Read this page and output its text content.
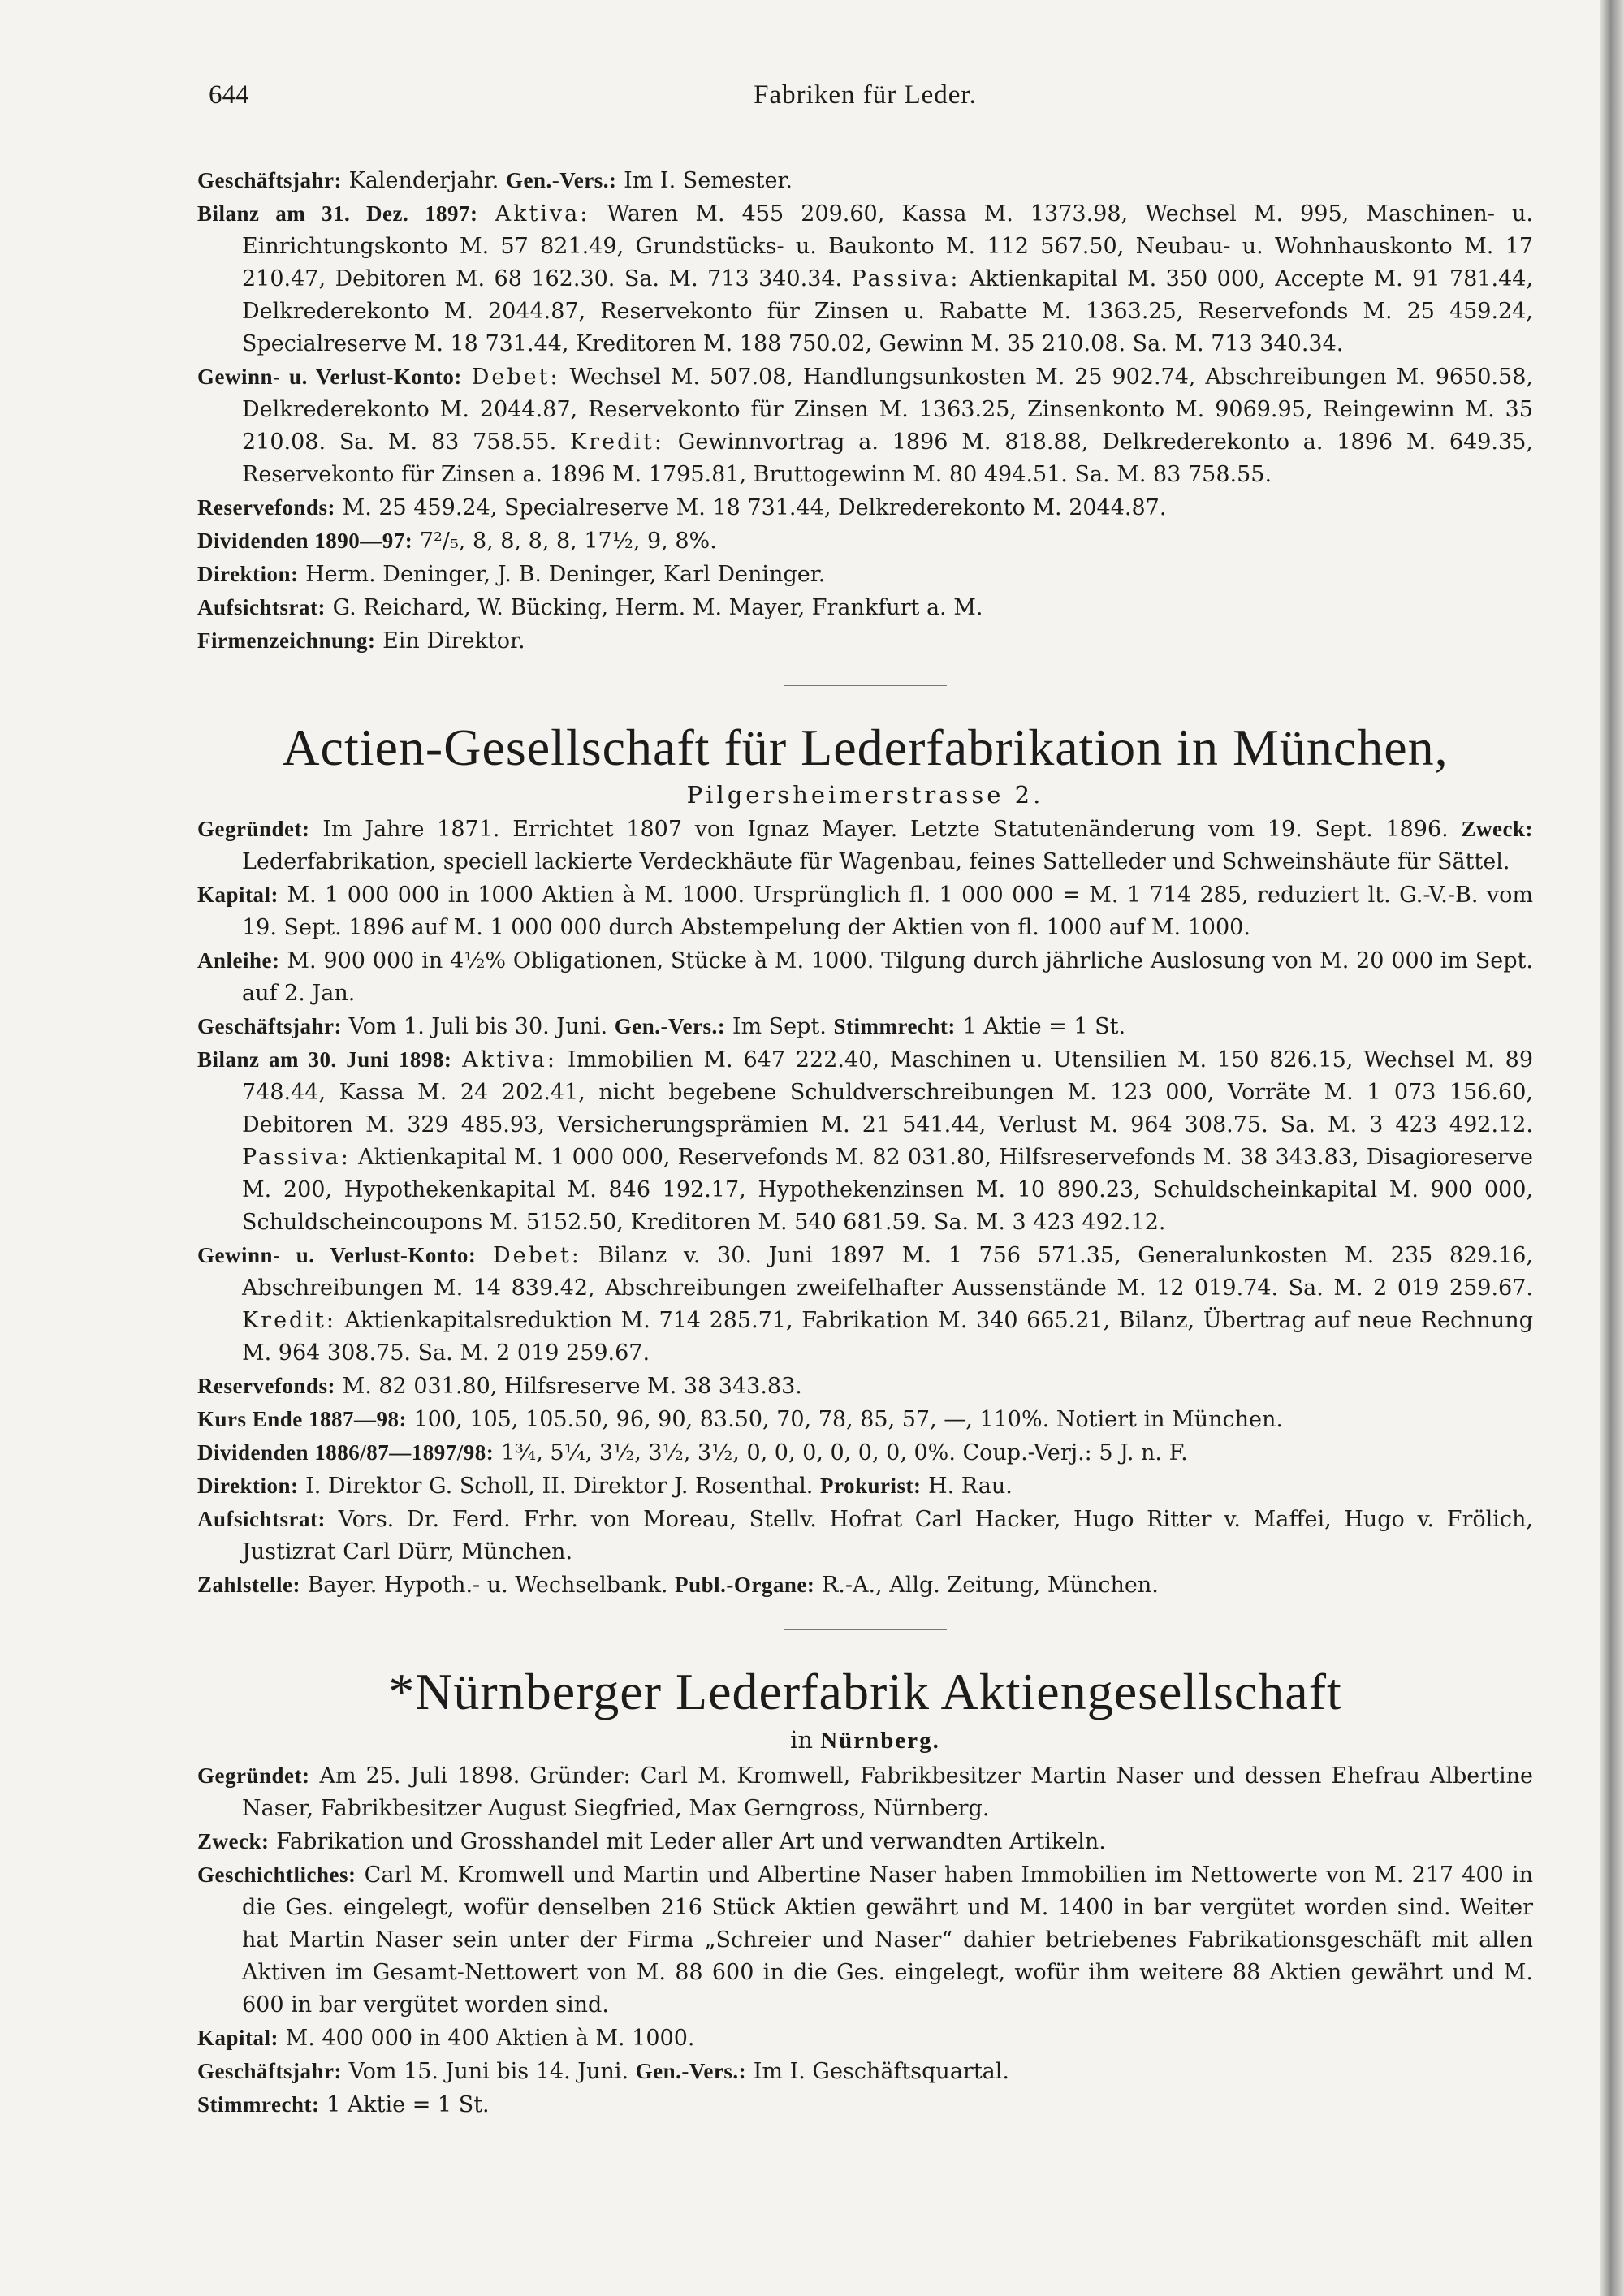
644	Fabriken für Leder.

Geschäftsjahr: Kalenderjahr. Gen.-Vers.: Im I. Semester.

Bilanz am 31. Dez. 1897: Aktiva: Waren M. 455 209.60, Kassa M. 1373.98, Wechsel M. 995, Maschinen- u. Einrichtungskonto M. 57 821.49, Grundstücks- u. Baukonto M. 112 567.50, Neubau- u. Wohnhauskonto M. 17 210.47, Debitoren M. 68 162.30. Sa. M. 713 340.34. Passiva: Aktienkapital M. 350 000, Accepte M. 91 781.44, Delkrederekonto M. 2044.87, Reservekonto für Zinsen u. Rabatte M. 1363.25, Reservefonds M. 25 459.24, Specialreserve M. 18 731.44, Kreditoren M. 188 750.02, Gewinn M. 35 210.08. Sa. M. 713 340.34.

Gewinn- u. Verlust-Konto: Debet: Wechsel M. 507.08, Handlungsunkosten M. 25 902.74, Abschreibungen M. 9650.58, Delkrederekonto M. 2044.87, Reservekonto für Zinsen M. 1363.25, Zinsenkonto M. 9069.95, Reingewinn M. 35 210.08. Sa. M. 83 758.55. Kredit: Gewinnvortrag a. 1896 M. 818.88, Delkrederekonto a. 1896 M. 649.35, Reservekonto für Zinsen a. 1896 M. 1795.81, Bruttogewinn M. 80 494.51. Sa. M. 83 758.55.

Reservefonds: M. 25 459.24, Specialreserve M. 18 731.44, Delkrederekonto M. 2044.87.

Dividenden 1890—97: 7²/₅, 8, 8, 8, 8, 17½, 9, 8%.

Direktion: Herm. Deninger, J. B. Deninger, Karl Deninger.

Aufsichtsrat: G. Reichard, W. Bücking, Herm. M. Mayer, Frankfurt a. M.

Firmenzeichnung: Ein Direktor.

Actien-Gesellschaft für Lederfabrikation in München,

Pilgersheimerstrasse 2.

Gegründet: Im Jahre 1871. Errichtet 1807 von Ignaz Mayer. Letzte Statutenänderung vom 19. Sept. 1896. Zweck: Lederfabrikation, speciell lackierte Verdeckhäute für Wagenbau, feines Sattelleder und Schweinshäute für Sättel.

Kapital: M. 1 000 000 in 1000 Aktien à M. 1000. Ursprünglich fl. 1 000 000 = M. 1 714 285, reduziert lt. G.-V.-B. vom 19. Sept. 1896 auf M. 1 000 000 durch Abstempelung der Aktien von fl. 1000 auf M. 1000.

Anleihe: M. 900 000 in 4½% Obligationen, Stücke à M. 1000. Tilgung durch jährliche Auslosung von M. 20 000 im Sept. auf 2. Jan.

Geschäftsjahr: Vom 1. Juli bis 30. Juni. Gen.-Vers.: Im Sept. Stimmrecht: 1 Aktie = 1 St.

Bilanz am 30. Juni 1898: Aktiva: Immobilien M. 647 222.40, Maschinen u. Utensilien M. 150 826.15, Wechsel M. 89 748.44, Kassa M. 24 202.41, nicht begebene Schuldverschreibungen M. 123 000, Vorräte M. 1 073 156.60, Debitoren M. 329 485.93, Versicherungsprämien M. 21 541.44, Verlust M. 964 308.75. Sa. M. 3 423 492.12. Passiva: Aktienkapital M. 1 000 000, Reservefonds M. 82 031.80, Hilfsreservefonds M. 38 343.83, Disagioreserve M. 200, Hypothekenkapital M. 846 192.17, Hypothekenzinsen M. 10 890.23, Schuldscheinkapital M. 900 000, Schuldscheincoupons M. 5152.50, Kreditoren M. 540 681.59. Sa. M. 3 423 492.12.

Gewinn- u. Verlust-Konto: Debet: Bilanz v. 30. Juni 1897 M. 1 756 571.35, Generalunkosten M. 235 829.16, Abschreibungen M. 14 839.42, Abschreibungen zweifelhafter Aussenstände M. 12 019.74. Sa. M. 2 019 259.67. Kredit: Aktienkapitalsreduktion M. 714 285.71, Fabrikation M. 340 665.21, Bilanz, Übertrag auf neue Rechnung M. 964 308.75. Sa. M. 2 019 259.67.

Reservefonds: M. 82 031.80, Hilfsreserve M. 38 343.83.

Kurs Ende 1887—98: 100, 105, 105.50, 96, 90, 83.50, 70, 78, 85, 57, —, 110%. Notiert in München.

Dividenden 1886/87—1897/98: 1¾, 5¼, 3½, 3½, 3½, 0, 0, 0, 0, 0, 0, 0%. Coup.-Verj.: 5 J. n. F.

Direktion: I. Direktor G. Scholl, II. Direktor J. Rosenthal. Prokurist: H. Rau.

Aufsichtsrat: Vors. Dr. Ferd. Frhr. von Moreau, Stellv. Hofrat Carl Hacker, Hugo Ritter v. Maffei, Hugo v. Frölich, Justizrat Carl Dürr, München.

Zahlstelle: Bayer. Hypoth.- u. Wechselbank. Publ.-Organe: R.-A., Allg. Zeitung, München.

*Nürnberger Lederfabrik Aktiengesellschaft

in Nürnberg.

Gegründet: Am 25. Juli 1898. Gründer: Carl M. Kromwell, Fabrikbesitzer Martin Naser und dessen Ehefrau Albertine Naser, Fabrikbesitzer August Siegfried, Max Gerngross, Nürnberg.

Zweck: Fabrikation und Grosshandel mit Leder aller Art und verwandten Artikeln.

Geschichtliches: Carl M. Kromwell und Martin und Albertine Naser haben Immobilien im Nettowerte von M. 217 400 in die Ges. eingelegt, wofür denselben 216 Stück Aktien gewährt und M. 1400 in bar vergütet worden sind. Weiter hat Martin Naser sein unter der Firma „Schreier und Naser“ dahier betriebenes Fabrikationsgeschäft mit allen Aktiven im Gesamt-Nettowert von M. 88 600 in die Ges. eingelegt, wofür ihm weitere 88 Aktien gewährt und M. 600 in bar vergütet worden sind.

Kapital: M. 400 000 in 400 Aktien à M. 1000.

Geschäftsjahr: Vom 15. Juni bis 14. Juni. Gen.-Vers.: Im I. Geschäftsquartal.

Stimmrecht: 1 Aktie = 1 St.
